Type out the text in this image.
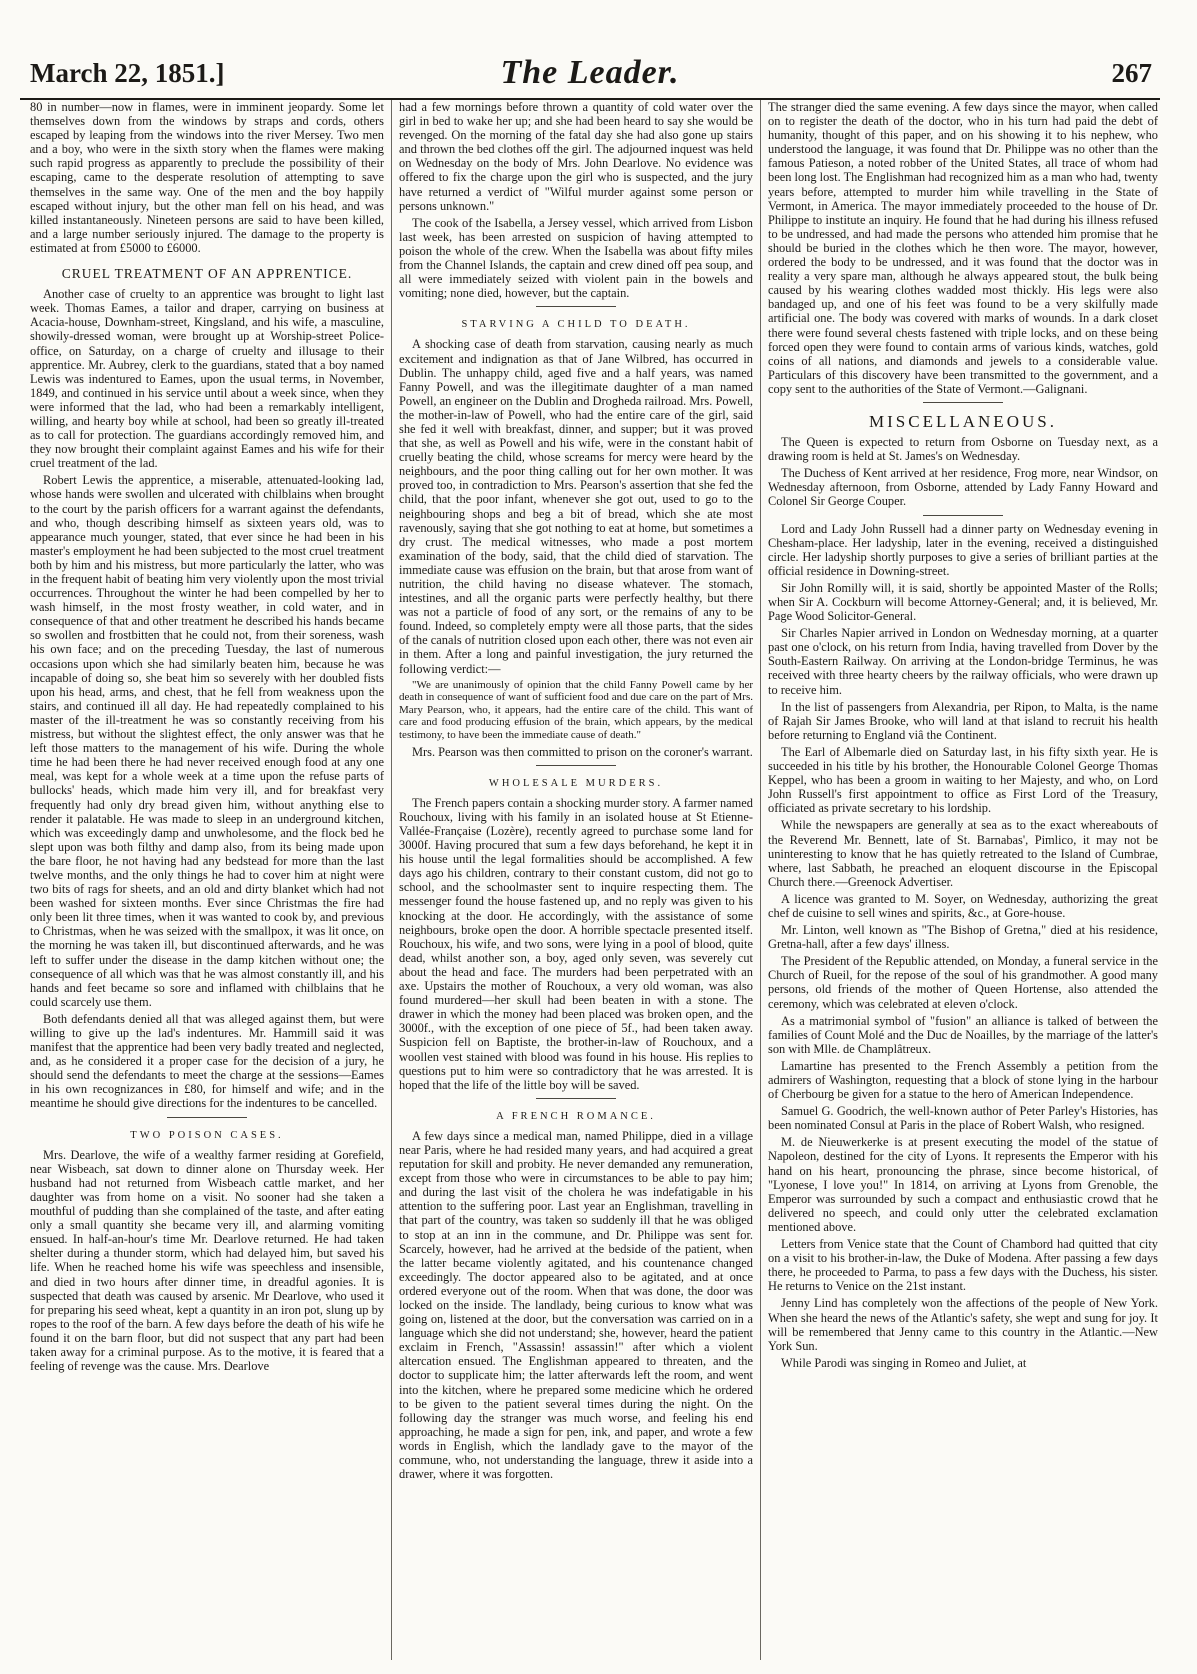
March 22, 1851.]	The Leader.	267

80 in number—now in flames, were in imminent jeopardy. Some let themselves down from the windows by straps and cords, others escaped by leaping from the windows into the river Mersey. Two men and a boy, who were in the sixth story when the flames were making such rapid progress as apparently to preclude the possibility of their escaping, came to the desperate resolution of attempting to save themselves in the same way. One of the men and the boy happily escaped without injury, but the other man fell on his head, and was killed instantaneously. Nineteen persons are said to have been killed, and a large number seriously injured. The damage to the property is estimated at from £5000 to £6000.

CRUEL TREATMENT OF AN APPRENTICE.

Another case of cruelty to an apprentice was brought to light last week. Thomas Eames, a tailor and draper, carrying on business at Acacia-house, Downham-street, Kingsland, and his wife, a masculine, showily-dressed woman, were brought up at Worship-street Police-office, on Saturday, on a charge of cruelty and illusage to their apprentice. Mr. Aubrey, clerk to the guardians, stated that a boy named Lewis was indentured to Eames, upon the usual terms, in November, 1849, and continued in his service until about a week since, when they were informed that the lad, who had been a remarkably intelligent, willing, and hearty boy while at school, had been so greatly ill-treated as to call for protection. The guardians accordingly removed him, and they now brought their complaint against Eames and his wife for their cruel treatment of the lad.

Robert Lewis the apprentice, a miserable, attenuated-looking lad, whose hands were swollen and ulcerated with chilblains when brought to the court by the parish officers for a warrant against the defendants, and who, though describing himself as sixteen years old, was to appearance much younger, stated, that ever since he had been in his master's employment he had been subjected to the most cruel treatment both by him and his mistress, but more particularly the latter, who was in the frequent habit of beating him very violently upon the most trivial occurrences. Throughout the winter he had been compelled by her to wash himself, in the most frosty weather, in cold water, and in consequence of that and other treatment he described his hands became so swollen and frostbitten that he could not, from their soreness, wash his own face; and on the preceding Tuesday, the last of numerous occasions upon which she had similarly beaten him, because he was incapable of doing so, she beat him so severely with her doubled fists upon his head, arms, and chest, that he fell from weakness upon the stairs, and continued ill all day. He had repeatedly complained to his master of the ill-treatment he was so constantly receiving from his mistress, but without the slightest effect, the only answer was that he left those matters to the management of his wife. During the whole time he had been there he had never received enough food at any one meal, was kept for a whole week at a time upon the refuse parts of bullocks' heads, which made him very ill, and for breakfast very frequently had only dry bread given him, without anything else to render it palatable. He was made to sleep in an underground kitchen, which was exceedingly damp and unwholesome, and the flock bed he slept upon was both filthy and damp also, from its being made upon the bare floor, he not having had any bedstead for more than the last twelve months, and the only things he had to cover him at night were two bits of rags for sheets, and an old and dirty blanket which had not been washed for sixteen months. Ever since Christmas the fire had only been lit three times, when it was wanted to cook by, and previous to Christmas, when he was seized with the smallpox, it was lit once, on the morning he was taken ill, but discontinued afterwards, and he was left to suffer under the disease in the damp kitchen without one; the consequence of all which was that he was almost constantly ill, and his hands and feet became so sore and inflamed with chilblains that he could scarcely use them.

Both defendants denied all that was alleged against them, but were willing to give up the lad's indentures. Mr. Hammill said it was manifest that the apprentice had been very badly treated and neglected, and, as he considered it a proper case for the decision of a jury, he should send the defendants to meet the charge at the sessions—Eames in his own recognizances in £80, for himself and wife; and in the meantime he should give directions for the indentures to be cancelled.

TWO POISON CASES.

Mrs. Dearlove, the wife of a wealthy farmer residing at Gorefield, near Wisbeach, sat down to dinner alone on Thursday week. Her husband had not returned from Wisbeach cattle market, and her daughter was from home on a visit. No sooner had she taken a mouthful of pudding than she complained of the taste, and after eating only a small quantity she became very ill, and alarming vomiting ensued. In half-an-hour's time Mr. Dearlove returned. He had taken shelter during a thunder storm, which had delayed him, but saved his life. When he reached home his wife was speechless and insensible, and died in two hours after dinner time, in dreadful agonies. It is suspected that death was caused by arsenic. Mr Dearlove, who used it for preparing his seed wheat, kept a quantity in an iron pot, slung up by ropes to the roof of the barn. A few days before the death of his wife he found it on the barn floor, but did not suspect that any part had been taken away for a criminal purpose. As to the motive, it is feared that a feeling of revenge was the cause. Mrs. Dearlove

had a few mornings before thrown a quantity of cold water over the girl in bed to wake her up; and she had been heard to say she would be revenged. On the morning of the fatal day she had also gone up stairs and thrown the bed clothes off the girl. The adjourned inquest was held on Wednesday on the body of Mrs. John Dearlove. No evidence was offered to fix the charge upon the girl who is suspected, and the jury have returned a verdict of "Wilful murder against some person or persons unknown."

The cook of the Isabella, a Jersey vessel, which arrived from Lisbon last week, has been arrested on suspicion of having attempted to poison the whole of the crew. When the Isabella was about fifty miles from the Channel Islands, the captain and crew dined off pea soup, and all were immediately seized with violent pain in the bowels and vomiting; none died, however, but the captain.

STARVING A CHILD TO DEATH.

A shocking case of death from starvation, causing nearly as much excitement and indignation as that of Jane Wilbred, has occurred in Dublin. The unhappy child, aged five and a half years, was named Fanny Powell, and was the illegitimate daughter of a man named Powell, an engineer on the Dublin and Drogheda railroad. Mrs. Powell, the mother-in-law of Powell, who had the entire care of the girl, said she fed it well with breakfast, dinner, and supper; but it was proved that she, as well as Powell and his wife, were in the constant habit of cruelly beating the child, whose screams for mercy were heard by the neighbours, and the poor thing calling out for her own mother. It was proved too, in contradiction to Mrs. Pearson's assertion that she fed the child, that the poor infant, whenever she got out, used to go to the neighbouring shops and beg a bit of bread, which she ate most ravenously, saying that she got nothing to eat at home, but sometimes a dry crust. The medical witnesses, who made a post mortem examination of the body, said, that the child died of starvation. The immediate cause was effusion on the brain, but that arose from want of nutrition, the child having no disease whatever. The stomach, intestines, and all the organic parts were perfectly healthy, but there was not a particle of food of any sort, or the remains of any to be found. Indeed, so completely empty were all those parts, that the sides of the canals of nutrition closed upon each other, there was not even air in them. After a long and painful investigation, the jury returned the following verdict:—

"We are unanimously of opinion that the child Fanny Powell came by her death in consequence of want of sufficient food and due care on the part of Mrs. Mary Pearson, who, it appears, had the entire care of the child. This want of care and food producing effusion of the brain, which appears, by the medical testimony, to have been the immediate cause of death."

Mrs. Pearson was then committed to prison on the coroner's warrant.

WHOLESALE MURDERS.

The French papers contain a shocking murder story. A farmer named Rouchoux, living with his family in an isolated house at St Etienne-Vallée-Française (Lozère), recently agreed to purchase some land for 3000f. Having procured that sum a few days beforehand, he kept it in his house until the legal formalities should be accomplished. A few days ago his children, contrary to their constant custom, did not go to school, and the schoolmaster sent to inquire respecting them. The messenger found the house fastened up, and no reply was given to his knocking at the door. He accordingly, with the assistance of some neighbours, broke open the door. A horrible spectacle presented itself. Rouchoux, his wife, and two sons, were lying in a pool of blood, quite dead, whilst another son, a boy, aged only seven, was severely cut about the head and face. The murders had been perpetrated with an axe. Upstairs the mother of Rouchoux, a very old woman, was also found murdered—her skull had been beaten in with a stone. The drawer in which the money had been placed was broken open, and the 3000f., with the exception of one piece of 5f., had been taken away. Suspicion fell on Baptiste, the brother-in-law of Rouchoux, and a woollen vest stained with blood was found in his house. His replies to questions put to him were so contradictory that he was arrested. It is hoped that the life of the little boy will be saved.

A FRENCH ROMANCE.

A few days since a medical man, named Philippe, died in a village near Paris, where he had resided many years, and had acquired a great reputation for skill and probity. He never demanded any remuneration, except from those who were in circumstances to be able to pay him; and during the last visit of the cholera he was indefatigable in his attention to the suffering poor. Last year an Englishman, travelling in that part of the country, was taken so suddenly ill that he was obliged to stop at an inn in the commune, and Dr. Philippe was sent for. Scarcely, however, had he arrived at the bedside of the patient, when the latter became violently agitated, and his countenance changed exceedingly. The doctor appeared also to be agitated, and at once ordered everyone out of the room. When that was done, the door was locked on the inside. The landlady, being curious to know what was going on, listened at the door, but the conversation was carried on in a language which she did not understand; she, however, heard the patient exclaim in French, "Assassin! assassin!" after which a violent altercation ensued. The Englishman appeared to threaten, and the doctor to supplicate him; the latter afterwards left the room, and went into the kitchen, where he prepared some medicine which he ordered to be given to the patient several times during the night. On the following day the stranger was much worse, and feeling his end approaching, he made a sign for pen, ink, and paper, and wrote a few words in English, which the landlady gave to the mayor of the commune, who, not understanding the language, threw it aside into a drawer, where it was forgotten.

The stranger died the same evening. A few days since the mayor, when called on to register the death of the doctor, who in his turn had paid the debt of humanity, thought of this paper, and on his showing it to his nephew, who understood the language, it was found that Dr. Philippe was no other than the famous Patieson, a noted robber of the United States, all trace of whom had been long lost. The Englishman had recognized him as a man who had, twenty years before, attempted to murder him while travelling in the State of Vermont, in America. The mayor immediately proceeded to the house of Dr. Philippe to institute an inquiry. He found that he had during his illness refused to be undressed, and had made the persons who attended him promise that he should be buried in the clothes which he then wore. The mayor, however, ordered the body to be undressed, and it was found that the doctor was in reality a very spare man, although he always appeared stout, the bulk being caused by his wearing clothes wadded most thickly. His legs were also bandaged up, and one of his feet was found to be a very skilfully made artificial one. The body was covered with marks of wounds. In a dark closet there were found several chests fastened with triple locks, and on these being forced open they were found to contain arms of various kinds, watches, gold coins of all nations, and diamonds and jewels to a considerable value. Particulars of this discovery have been transmitted to the government, and a copy sent to the authorities of the State of Vermont.—Galignani.

MISCELLANEOUS.

The Queen is expected to return from Osborne on Tuesday next, as a drawing room is held at St. James's on Wednesday.

The Duchess of Kent arrived at her residence, Frog more, near Windsor, on Wednesday afternoon, from Osborne, attended by Lady Fanny Howard and Colonel Sir George Couper.

Lord and Lady John Russell had a dinner party on Wednesday evening in Chesham-place. Her ladyship, later in the evening, received a distinguished circle. Her ladyship shortly purposes to give a series of brilliant parties at the official residence in Downing-street.

Sir John Romilly will, it is said, shortly be appointed Master of the Rolls; when Sir A. Cockburn will become Attorney-General; and, it is believed, Mr. Page Wood Solicitor-General.

Sir Charles Napier arrived in London on Wednesday morning, at a quarter past one o'clock, on his return from India, having travelled from Dover by the South-Eastern Railway. On arriving at the London-bridge Terminus, he was received with three hearty cheers by the railway officials, who were drawn up to receive him.

In the list of passengers from Alexandria, per Ripon, to Malta, is the name of Rajah Sir James Brooke, who will land at that island to recruit his health before returning to England viâ the Continent.

The Earl of Albemarle died on Saturday last, in his fifty sixth year. He is succeeded in his title by his brother, the Honourable Colonel George Thomas Keppel, who has been a groom in waiting to her Majesty, and who, on Lord John Russell's first appointment to office as First Lord of the Treasury, officiated as private secretary to his lordship.

While the newspapers are generally at sea as to the exact whereabouts of the Reverend Mr. Bennett, late of St. Barnabas', Pimlico, it may not be uninteresting to know that he has quietly retreated to the Island of Cumbrae, where, last Sabbath, he preached an eloquent discourse in the Episcopal Church there.—Greenock Advertiser.

A licence was granted to M. Soyer, on Wednesday, authorizing the great chef de cuisine to sell wines and spirits, &c., at Gore-house.

Mr. Linton, well known as "The Bishop of Gretna," died at his residence, Gretna-hall, after a few days' illness.

The President of the Republic attended, on Monday, a funeral service in the Church of Rueil, for the repose of the soul of his grandmother. A good many persons, old friends of the mother of Queen Hortense, also attended the ceremony, which was celebrated at eleven o'clock.

As a matrimonial symbol of "fusion" an alliance is talked of between the families of Count Molé and the Duc de Noailles, by the marriage of the latter's son with Mlle. de Champlâtreux.

Lamartine has presented to the French Assembly a petition from the admirers of Washington, requesting that a block of stone lying in the harbour of Cherbourg be given for a statue to the hero of American Independence.

Samuel G. Goodrich, the well-known author of Peter Parley's Histories, has been nominated Consul at Paris in the place of Robert Walsh, who resigned.

M. de Nieuwerkerke is at present executing the model of the statue of Napoleon, destined for the city of Lyons. It represents the Emperor with his hand on his heart, pronouncing the phrase, since become historical, of "Lyonese, I love you!" In 1814, on arriving at Lyons from Grenoble, the Emperor was surrounded by such a compact and enthusiastic crowd that he delivered no speech, and could only utter the celebrated exclamation mentioned above.

Letters from Venice state that the Count of Chambord had quitted that city on a visit to his brother-in-law, the Duke of Modena. After passing a few days there, he proceeded to Parma, to pass a few days with the Duchess, his sister. He returns to Venice on the 21st instant.

Jenny Lind has completely won the affections of the people of New York. When she heard the news of the Atlantic's safety, she wept and sung for joy. It will be remembered that Jenny came to this country in the Atlantic.—New York Sun.

While Parodi was singing in Romeo and Juliet, at
